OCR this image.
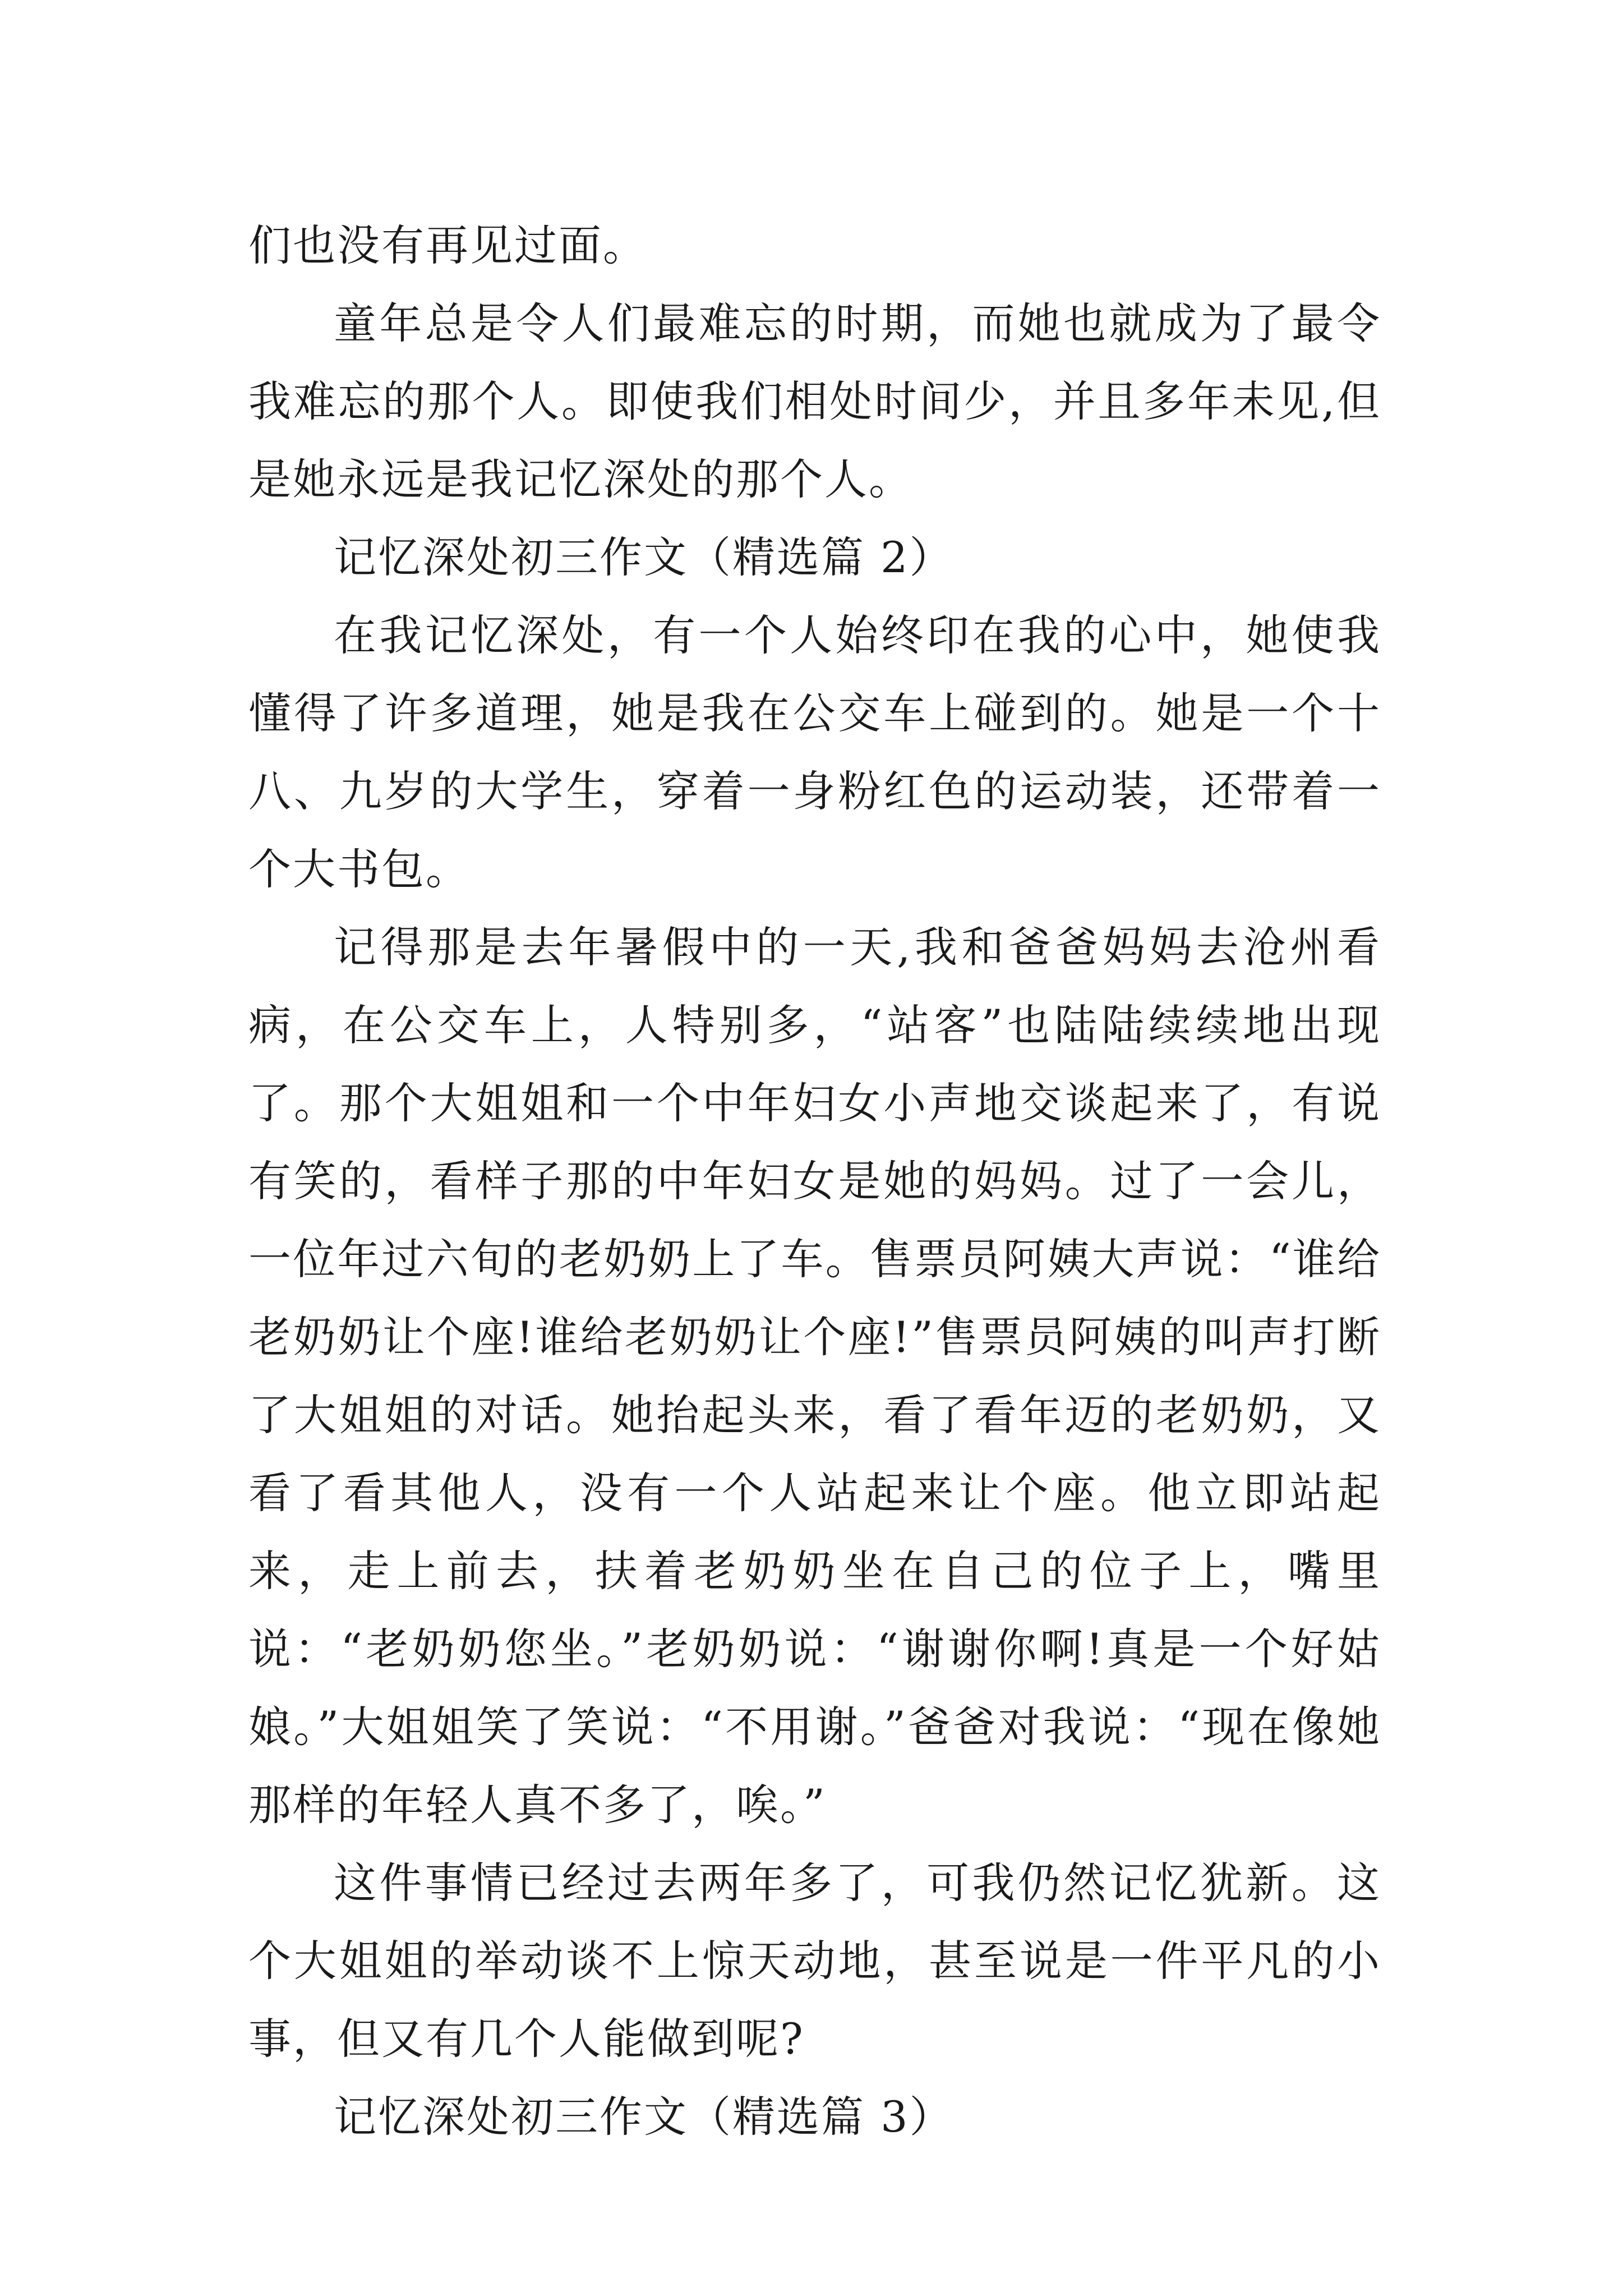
们也没有再见过面。

童年总是令人们最难忘的时期，而她也就成为了最令我难忘的那个人。即使我们相处时间少，并且多年未见,但是她永远是我记忆深处的那个人。

记忆深处初三作文（精选篇 2）

在我记忆深处，有一个人始终印在我的心中，她使我懂得了许多道理，她是我在公交车上碰到的。她是一个十八、九岁的大学生，穿着一身粉红色的运动装，还带着一个大书包。

记得那是去年暑假中的一天,我和爸爸妈妈去沧州看病，在公交车上，人特别多，“站客”也陆陆续续地出现了。那个大姐姐和一个中年妇女小声地交谈起来了，有说有笑的，看样子那的中年妇女是她的妈妈。过了一会儿，一位年过六旬的老奶奶上了车。售票员阿姨大声说：“谁给老奶奶让个座!谁给老奶奶让个座!”售票员阿姨的叫声打断了大姐姐的对话。她抬起头来，看了看年迈的老奶奶，又看了看其他人，没有一个人站起来让个座。他立即站起来，走上前去，扶着老奶奶坐在自己的位子上，嘴里说：“老奶奶您坐。”老奶奶说：“谢谢你啊!真是一个好姑娘。”大姐姐笑了笑说：“不用谢。”爸爸对我说：“现在像她那样的年轻人真不多了，唉。”

这件事情已经过去两年多了，可我仍然记忆犹新。这个大姐姐的举动谈不上惊天动地，甚至说是一件平凡的小事，但又有几个人能做到呢?

记忆深处初三作文（精选篇 3）
